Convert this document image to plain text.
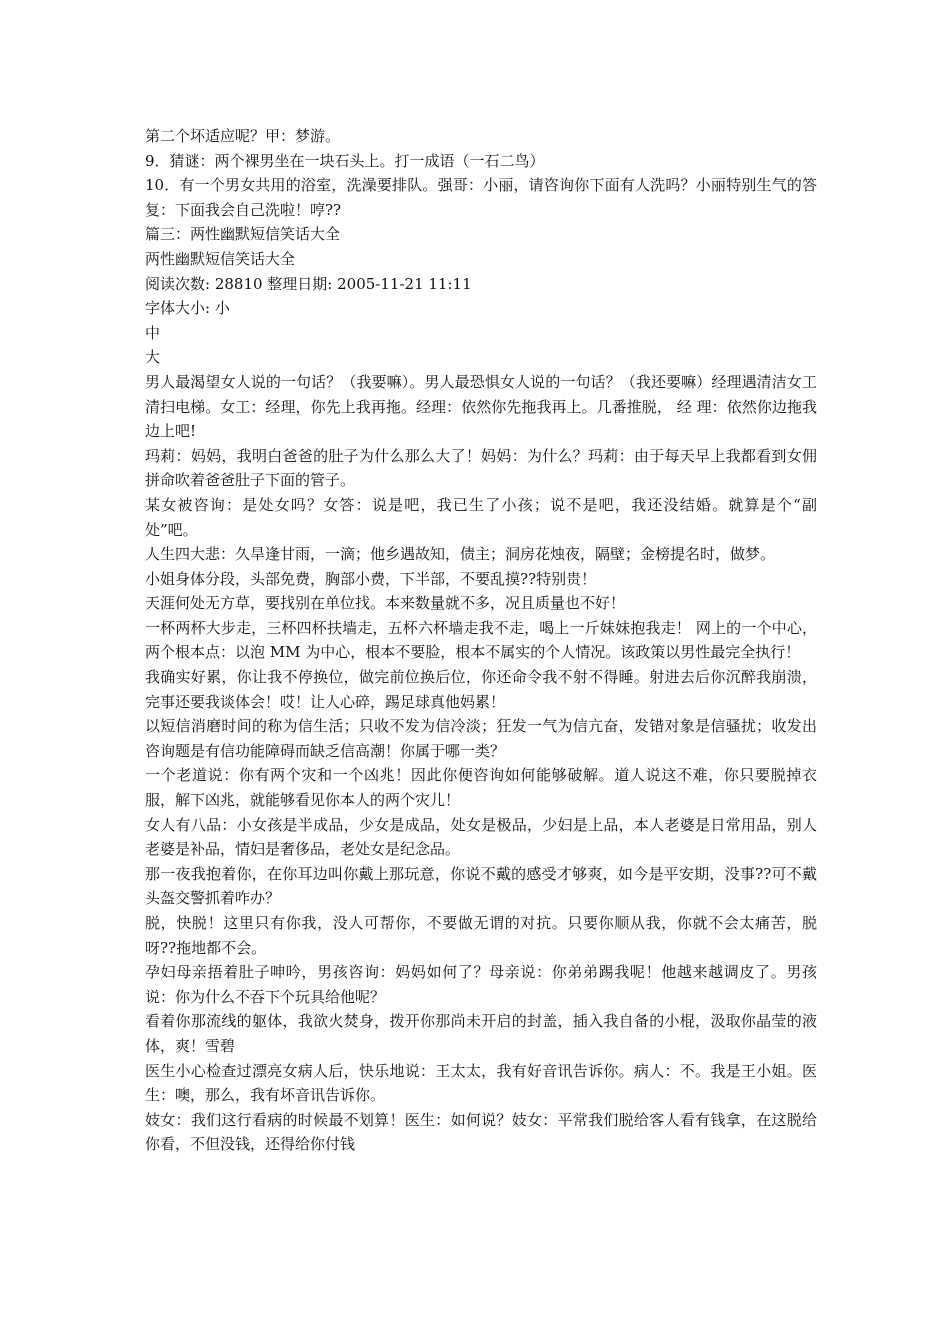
第二个坏适应呢？甲：梦游。

9．猜谜：两个裸男坐在一块石头上。打一成语（一石二鸟）

10．有一个男女共用的浴室，洗澡要排队。强哥：小丽，请咨询你下面有人洗吗？小丽特别生气的答复：下面我会自己洗啦！哼??

篇三：两性幽默短信笑话大全

两性幽默短信笑话大全

阅读次数: 28810 整理日期: 2005-11-21 11:11

字体大小: 小

中

大

男人最渴望女人说的一句话？（我要嘛）。男人最恐惧女人说的一句话？（我还要嘛）经理遇清洁女工清扫电梯。女工：经理，你先上我再拖。经理：依然你先拖我再上。几番推脱， 经 理：依然你边拖我边上吧!

玛莉：妈妈，我明白爸爸的肚子为什么那么大了！妈妈：为什么？玛莉：由于每天早上我都看到女佣拼命吹着爸爸肚子下面的管子。

某女被咨询：是处女吗？女答：说是吧，我已生了小孩；说不是吧，我还没结婚。就算是个“副处”吧。

人生四大悲：久旱逢甘雨，一滴；他乡遇故知，债主；洞房花烛夜，隔壁；金榜提名时，做梦。

小姐身体分段，头部免费，胸部小费，下半部，不要乱摸??特别贵！

天涯何处无方草，要找别在单位找。本来数量就不多，况且质量也不好！

一杯两杯大步走，三杯四杯扶墙走，五杯六杯墙走我不走，喝上一斤妹妹抱我走！ 网上的一个中心，两个根本点：以泡 MM 为中心，根本不要脸，根本不属实的个人情况。该政策以男性最完全执行！

我确实好累，你让我不停换位，做完前位换后位，你还命令我不射不得睡。射进去后你沉醉我崩溃，完事还要我谈体会！哎！让人心碎，踢足球真他妈累！

以短信消磨时间的称为信生活；只收不发为信冷淡；狂发一气为信亢奋，发错对象是信骚扰；收发出咨询题是有信功能障碍而缺乏信高潮！你属于哪一类？

一个老道说：你有两个灾和一个凶兆！因此你便咨询如何能够破解。道人说这不难，你只要脱掉衣服，解下凶兆，就能够看见你本人的两个灾儿！

女人有八品：小女孩是半成品，少女是成品，处女是极品，少妇是上品，本人老婆是日常用品，别人老婆是补品，情妇是奢侈品，老处女是纪念品。

那一夜我抱着你，在你耳边叫你戴上那玩意，你说不戴的感受才够爽，如今是平安期，没事??可不戴头盔交警抓着咋办？

脱，快脱！这里只有你我，没人可帮你，不要做无谓的对抗。只要你顺从我，你就不会太痛苦，脱呀??拖地都不会。

孕妇母亲捂着肚子呻吟，男孩咨询：妈妈如何了？母亲说：你弟弟踢我呢！他越来越调皮了。男孩说：你为什么不吞下个玩具给他呢？

看着你那流线的躯体，我欲火焚身，拨开你那尚未开启的封盖，插入我自备的小棍，汲取你晶莹的液体，爽！雪碧

医生小心检查过漂亮女病人后，快乐地说：王太太，我有好音讯告诉你。病人：不。我是王小姐。医生：噢，那么，我有坏音讯告诉你。

妓女：我们这行看病的时候最不划算！医生：如何说？妓女：平常我们脱给客人看有钱拿，在这脱给你看，不但没钱，还得给你付钱
